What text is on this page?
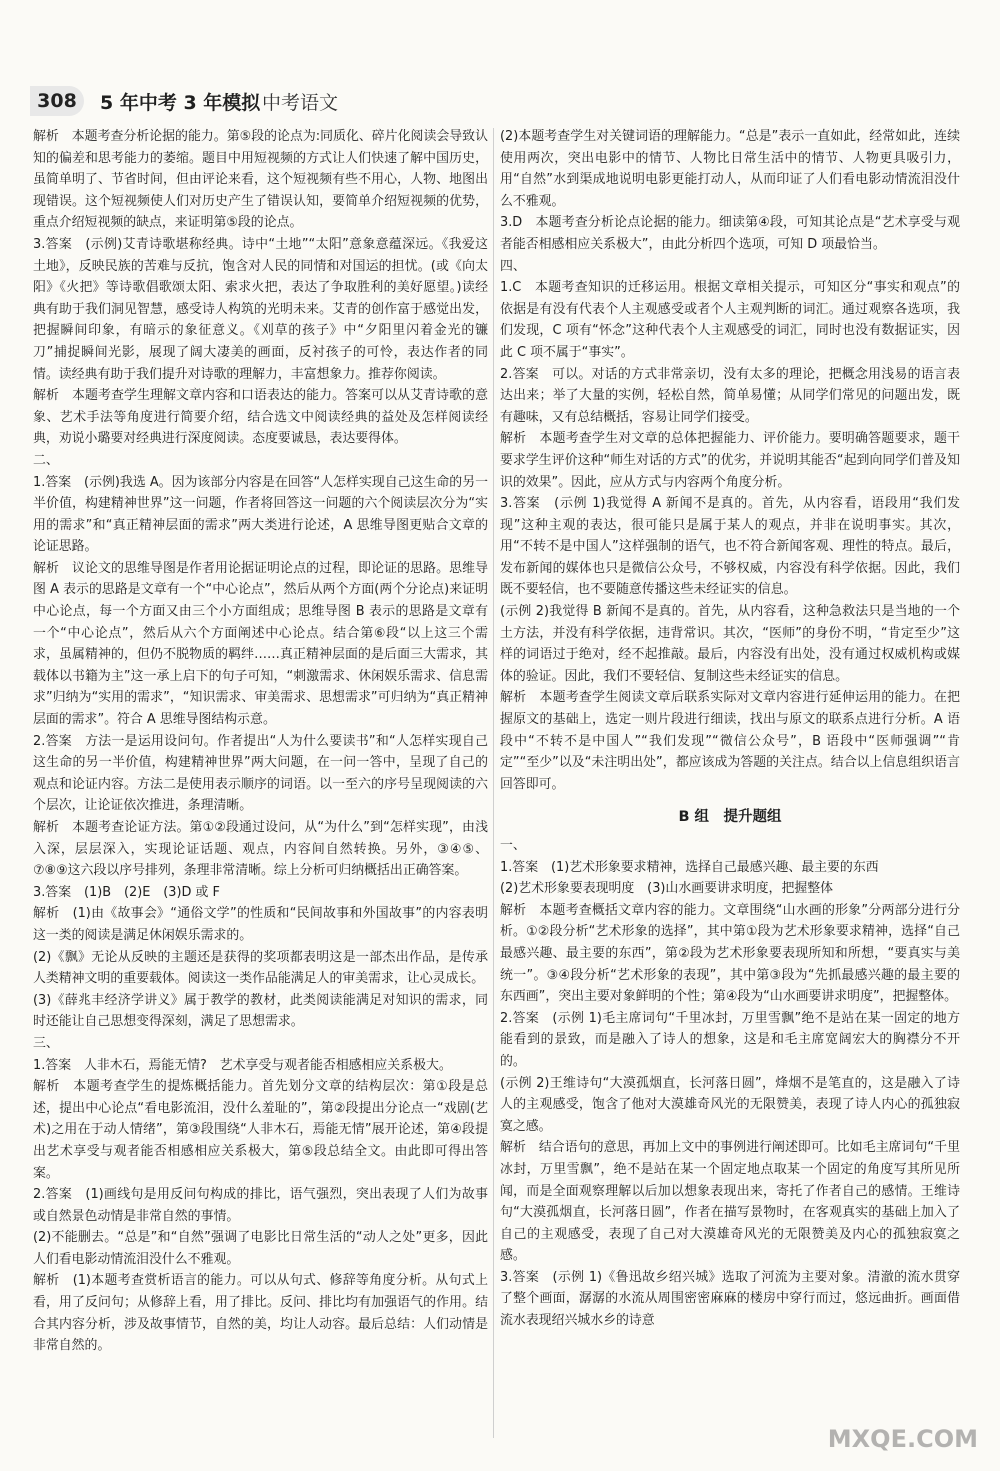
308	5 年中考 3 年模拟 中考语文
解析　本题考查分析论据的能力。第⑤段的论点为:同质化、碎片化阅读会导致认知的偏差和思考能力的萎缩。题目中用短视频的方式让人们快速了解中国历史，虽简单明了、节省时间，但由评论来看，这个短视频有些不用心，人物、地图出现错误。这个短视频使人们对历史产生了错误认知，要简单介绍短视频的优势，重点介绍短视频的缺点，来证明第⑤段的论点。
3.答案　(示例)艾青诗歌堪称经典。诗中“土地”“太阳”意象意蕴深远。《我爱这土地》，反映民族的苦难与反抗，饱含对人民的同情和对国运的担忧。(或《向太阳》《火把》等诗歌倡歌颂太阳、索求火把，表达了争取胜利的美好愿望。)读经典有助于我们洞见智慧，感受诗人构筑的光明未来。艾青的创作富于感觉出发，把握瞬间印象，有暗示的象征意义。《刈草的孩子》中“夕阳里闪着金光的镰刀”捕捉瞬间光影，展现了阔大凄美的画面，反衬孩子的可怜，表达作者的同情。读经典有助于我们提升对诗歌的理解力，丰富想象力。推荐你阅读。
解析　本题考查学生理解文章内容和口语表达的能力。答案可以从艾青诗歌的意象、艺术手法等角度进行简要介绍，结合选文中阅读经典的益处及怎样阅读经典，劝说小璐要对经典进行深度阅读。态度要诚恳，表达要得体。
二、
1.答案　(示例)我选 A。因为该部分内容是在回答“人怎样实现自己这生命的另一半价值，构建精神世界”这一问题，作者将回答这一问题的六个阅读层次分为“实用的需求”和“真正精神层面的需求”两大类进行论述，A 思维导图更贴合文章的论证思路。
解析　议论文的思维导图是作者用论据证明论点的过程，即论证的思路。思维导图 A 表示的思路是文章有一个“中心论点”，然后从两个方面(两个分论点)来证明中心论点，每一个方面又由三个小方面组成；思维导图 B 表示的思路是文章有一个“中心论点”，然后从六个方面阐述中心论点。结合第⑥段“以上这三个需求，虽属精神的，但仍不脱物质的羁绊……真正精神层面的是后面三大需求，其载体以书籍为主”这一承上启下的句子可知，“刺激需求、休闲娱乐需求、信息需求”归纳为“实用的需求”，“知识需求、审美需求、思想需求”可归纳为“真正精神层面的需求”。符合 A 思维导图结构示意。
2.答案　方法一是运用设问句。作者提出“人为什么要读书”和“人怎样实现自己这生命的另一半价值，构建精神世界”两大问题，在一问一答中，呈现了自己的观点和论证内容。方法二是使用表示顺序的词语。以一至六的序号呈现阅读的六个层次，让论证依次推进，条理清晰。
解析　本题考查论证方法。第①②段通过设问，从“为什么”到“怎样实现”，由浅入深，层层深入，实现论证话题、观点，内容间自然转换。另外，③④⑤、⑦⑧⑨这六段以序号排列，条理非常清晰。综上分析可归纳概括出正确答案。
3.答案　(1)B　(2)E　(3)D 或 F
解析　(1)由《故事会》“通俗文学”的性质和“民间故事和外国故事”的内容表明这一类的阅读是满足休闲娱乐需求的。
(2)《飘》无论从反映的主题还是获得的奖项都表明这是一部杰出作品，是传承人类精神文明的重要载体。阅读这一类作品能满足人的审美需求，让心灵成长。
(3)《薛兆丰经济学讲义》属于教学的教材，此类阅读能满足对知识的需求，同时还能让自己思想变得深刻，满足了思想需求。
三、
1.答案　人非木石，焉能无情?　艺术享受与观者能否相感相应关系极大。
解析　本题考查学生的提炼概括能力。首先划分文章的结构层次：第①段是总述，提出中心论点“看电影流泪，没什么羞耻的”，第②段提出分论点一“戏剧(艺术)之用在于动人情绪”，第③段围绕“人非木石，焉能无情”展开论述，第④段提出艺术享受与观者能否相感相应关系极大，第⑤段总结全文。由此即可得出答案。
2.答案　(1)画线句是用反问句构成的排比，语气强烈，突出表现了人们为故事或自然景色动情是非常自然的事情。
(2)不能删去。“总是”和“自然”强调了电影比日常生活的“动人之处”更多，因此人们看电影动情流泪没什么不雅观。
解析　(1)本题考查赏析语言的能力。可以从句式、修辞等角度分析。从句式上看，用了反问句；从修辞上看，用了排比。反问、排比均有加强语气的作用。结合其内容分析，涉及故事情节，自然的美，均让人动容。最后总结：人们动情是非常自然的。
(2)本题考查学生对关键词语的理解能力。“总是”表示一直如此，经常如此，连续使用两次，突出电影中的情节、人物比日常生活中的情节、人物更具吸引力，用“自然”水到渠成地说明电影更能打动人，从而印证了人们看电影动情流泪没什么不雅观。
3.D　本题考查分析论点论据的能力。细读第④段，可知其论点是“艺术享受与观者能否相感相应关系极大”，由此分析四个选项，可知 D 项最恰当。
四、
1.C　本题考查知识的迁移运用。根据文章相关提示，可知区分“事实和观点”的依据是有没有代表个人主观感受或者个人主观判断的词汇。通过观察各选项，我们发现，C 项有“怀念”这种代表个人主观感受的词汇，同时也没有数据证实，因此 C 项不属于“事实”。
2.答案　可以。对话的方式非常亲切，没有太多的理论，把概念用浅易的语言表达出来；举了大量的实例，轻松自然，简单易懂；从同学们常见的问题出发，既有趣味，又有总结概括，容易让同学们接受。
解析　本题考查学生对文章的总体把握能力、评价能力。要明确答题要求，题干要求学生评价这种“师生对话的方式”的优劣，并说明其能否“起到向同学们普及知识的效果”。因此，应从方式与内容两个角度分析。
3.答案　(示例 1)我觉得 A 新闻不是真的。首先，从内容看，语段用“我们发现”这种主观的表达，很可能只是属于某人的观点，并非在说明事实。其次，用“不转不是中国人”这样强制的语气，也不符合新闻客观、理性的特点。最后，发布新闻的媒体也只是微信公众号，不够权威，内容没有科学依据。因此，我们既不要轻信，也不要随意传播这些未经证实的信息。
(示例 2)我觉得 B 新闻不是真的。首先，从内容看，这种急救法只是当地的一个土方法，并没有科学依据，违背常识。其次，“医师”的身份不明，“肯定至少”这样的词语过于绝对，经不起推敲。最后，内容没有出处，没有通过权威机构或媒体的验证。因此，我们不要轻信、复制这些未经证实的信息。
解析　本题考查学生阅读文章后联系实际对文章内容进行延伸运用的能力。在把握原文的基础上，选定一则片段进行细读，找出与原文的联系点进行分析。A 语段中“不转不是中国人”“我们发现”“微信公众号”，B 语段中“医师强调”“肯定”“至少”以及“未注明出处”，都应该成为答题的关注点。结合以上信息组织语言回答即可。
B 组　提升题组
一、
1.答案　(1)艺术形象要求精神，选择自己最感兴趣、最主要的东西
(2)艺术形象要表现明度　(3)山水画要讲求明度，把握整体
解析　本题考查概括文章内容的能力。文章围绕“山水画的形象”分两部分进行分析。①②段分析“艺术形象的选择”，其中第①段为艺术形象要求精神，选择“自己最感兴趣、最主要的东西”，第②段为艺术形象要表现所知和所想，“要真实与美统一”。③④段分析“艺术形象的表现”，其中第③段为“先抓最感兴趣的最主要的东西画”，突出主要对象鲜明的个性；第④段为“山水画要讲求明度”，把握整体。
2.答案　(示例 1)毛主席词句“千里冰封，万里雪飘”绝不是站在某一固定的地方能看到的景致，而是融入了诗人的想象，这是和毛主席宽阔宏大的胸襟分不开的。
(示例 2)王维诗句“大漠孤烟直，长河落日圆”，烽烟不是笔直的，这是融入了诗人的主观感受，饱含了他对大漠雄奇风光的无限赞美，表现了诗人内心的孤独寂寞之感。
解析　结合语句的意思，再加上文中的事例进行阐述即可。比如毛主席词句“千里冰封，万里雪飘”，绝不是站在某一个固定地点取某一个固定的角度写其所见所闻，而是全面观察理解以后加以想象表现出来，寄托了作者自己的感情。王维诗句“大漠孤烟直，长河落日圆”，作者在描写景物时，在客观真实的基础上加入了自己的主观感受，表现了自己对大漠雄奇风光的无限赞美及内心的孤独寂寞之感。
3.答案　(示例 1)《鲁迅故乡绍兴城》选取了河流为主要对象。清澈的流水贯穿了整个画面，潺潺的水流从周围密密麻麻的楼房中穿行而过，悠远曲折。画面借流水表现绍兴城水乡的诗意
MXQE.COM
